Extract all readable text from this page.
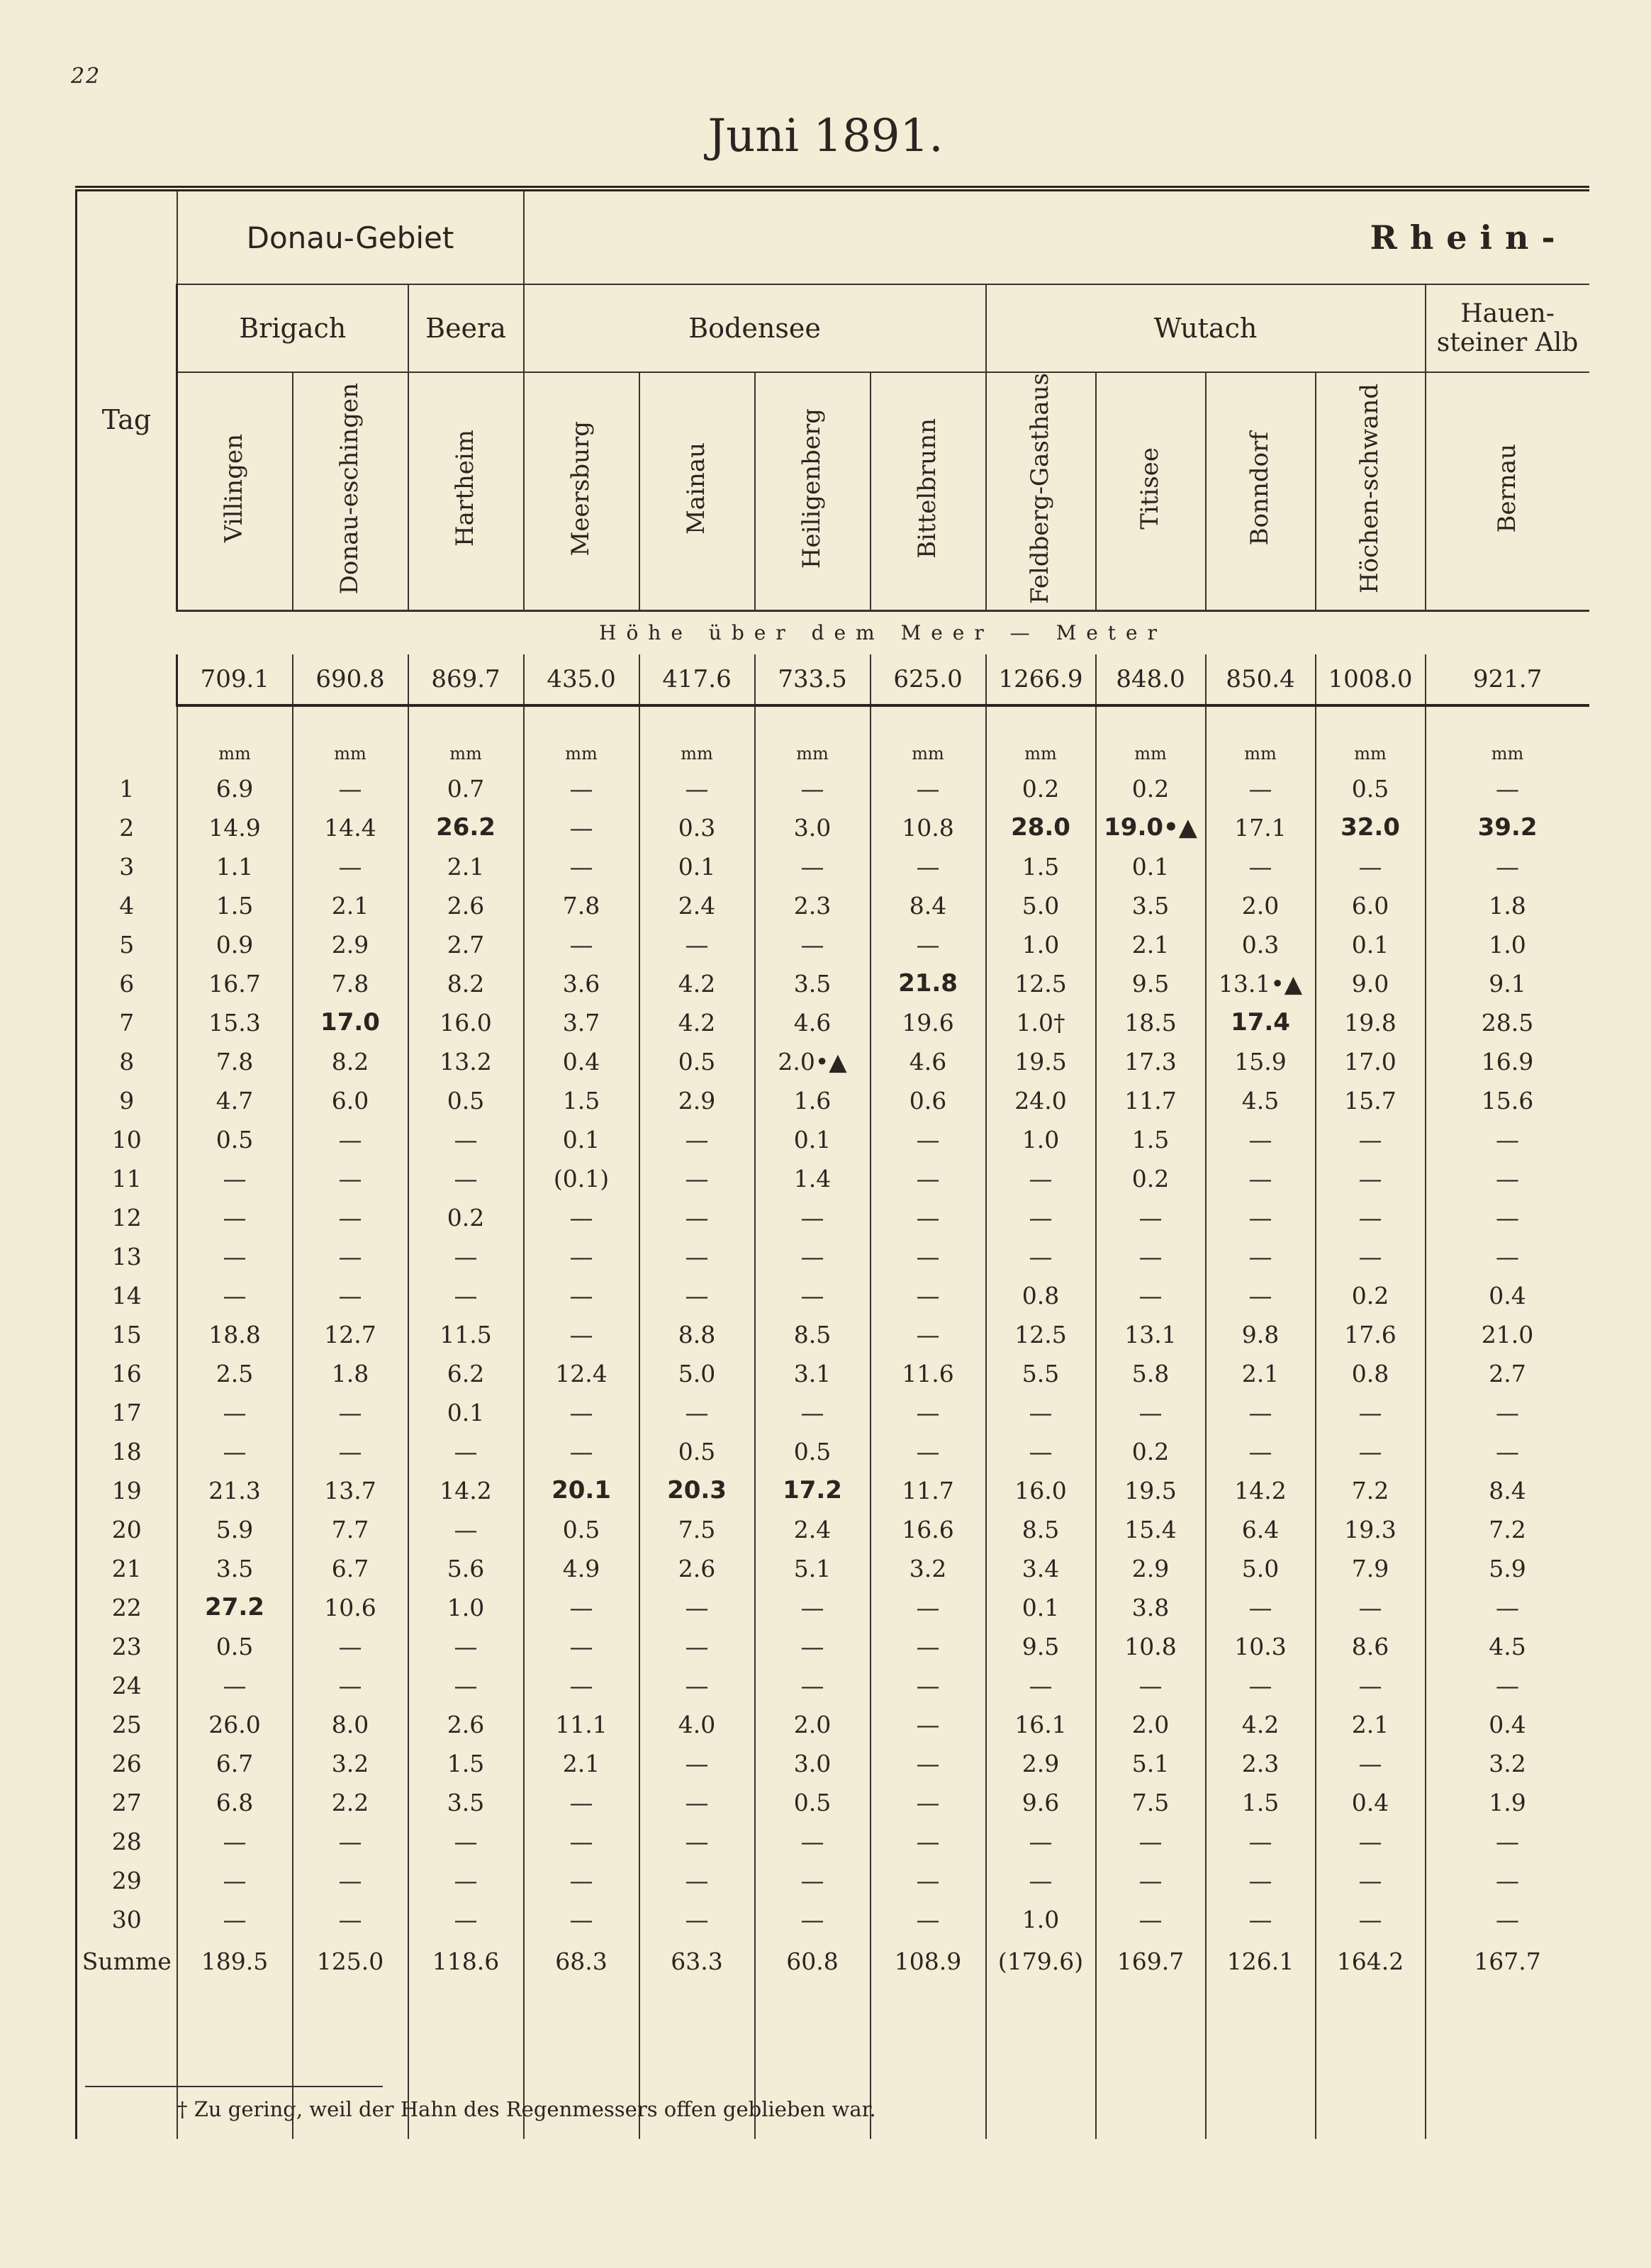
22
Juni 1891.
Tag	Donau-Gebiet			Rhein-								
	Brigach		Beera	Bodensee				Wutach				Hauen-steiner Alb
	Villingen	Donau-eschingen	Hartheim	Meersburg	Mainau	Heiligenberg	Bittelbrunn	Feldberg-Gasthaus	Titisee	Bonndorf	Höchen-schwand	Bernau
	Höhe über dem Meer — Meter											
	709.1	690.8	869.7	435.0	417.6	733.5	625.0	1266.9	848.0	850.4	1008.0	921.7
	mm	mm	mm	mm	mm	mm	mm	mm	mm	mm	mm	mm
1	6.9	—	0.7	—	—	—	—	0.2	0.2	—	0.5	—
2	14.9	14.4	26.2	—	0.3	3.0	10.8	28.0	19.0•▲	17.1	32.0	39.2
3	1.1	—	2.1	—	0.1	—	—	1.5	0.1	—	—	—
4	1.5	2.1	2.6	7.8	2.4	2.3	8.4	5.0	3.5	2.0	6.0	1.8
5	0.9	2.9	2.7	—	—	—	—	1.0	2.1	0.3	0.1	1.0
6	16.7	7.8	8.2	3.6	4.2	3.5	21.8	12.5	9.5	13.1•▲	9.0	9.1
7	15.3	17.0	16.0	3.7	4.2	4.6	19.6	1.0†	18.5	17.4	19.8	28.5
8	7.8	8.2	13.2	0.4	0.5	2.0•▲	4.6	19.5	17.3	15.9	17.0	16.9
9	4.7	6.0	0.5	1.5	2.9	1.6	0.6	24.0	11.7	4.5	15.7	15.6
10	0.5	—	—	0.1	—	0.1	—	1.0	1.5	—	—	—
11	—	—	—	(0.1)	—	1.4	—	—	0.2	—	—	—
12	—	—	0.2	—	—	—	—	—	—	—	—	—
13	—	—	—	—	—	—	—	—	—	—	—	—
14	—	—	—	—	—	—	—	0.8	—	—	0.2	0.4
15	18.8	12.7	11.5	—	8.8	8.5	—	12.5	13.1	9.8	17.6	21.0
16	2.5	1.8	6.2	12.4	5.0	3.1	11.6	5.5	5.8	2.1	0.8	2.7
17	—	—	0.1	—	—	—	—	—	—	—	—	—
18	—	—	—	—	0.5	0.5	—	—	0.2	—	—	—
19	21.3	13.7	14.2	20.1	20.3	17.2	11.7	16.0	19.5	14.2	7.2	8.4
20	5.9	7.7	—	0.5	7.5	2.4	16.6	8.5	15.4	6.4	19.3	7.2
21	3.5	6.7	5.6	4.9	2.6	5.1	3.2	3.4	2.9	5.0	7.9	5.9
22	27.2	10.6	1.0	—	—	—	—	0.1	3.8	—	—	—
23	0.5	—	—	—	—	—	—	9.5	10.8	10.3	8.6	4.5
24	—	—	—	—	—	—	—	—	—	—	—	—
25	26.0	8.0	2.6	11.1	4.0	2.0	—	16.1	2.0	4.2	2.1	0.4
26	6.7	3.2	1.5	2.1	—	3.0	—	2.9	5.1	2.3	—	3.2
27	6.8	2.2	3.5	—	—	0.5	—	9.6	7.5	1.5	0.4	1.9
28	—	—	—	—	—	—	—	—	—	—	—	—
29	—	—	—	—	—	—	—	—	—	—	—	—
30	—	—	—	—	—	—	—	1.0	—	—	—	—
Summe	189.5	125.0	118.6	68.3	63.3	60.8	108.9	(179.6)	169.7	126.1	164.2	167.7

† Zu gering, weil der Hahn des Regenmessers offen geblieben war.
